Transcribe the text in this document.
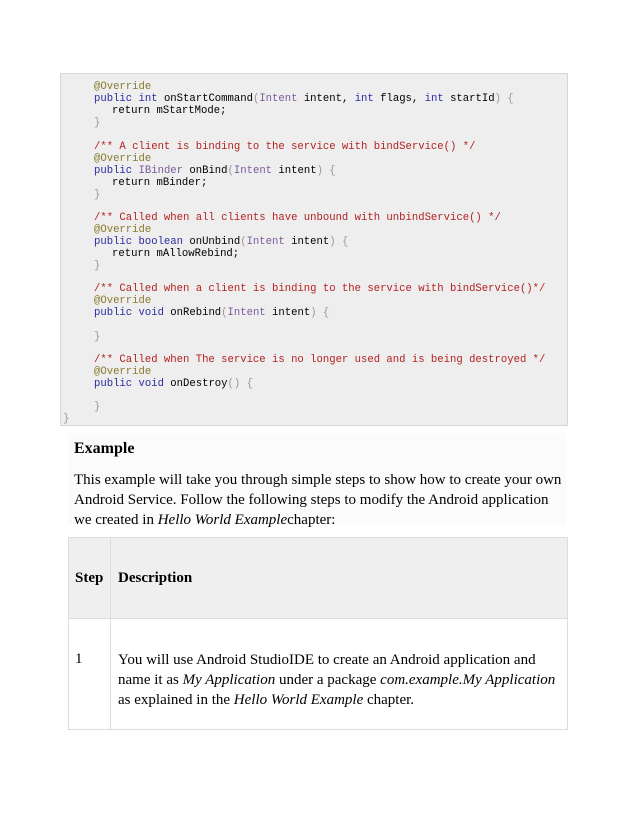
@Override
public int onStartCommand(Intent intent, int flags, int startId) {
return mStartMode;
}
/** A client is binding to the service with bindService() */
@Override
public IBinder onBind(Intent intent) {
return mBinder;
}
/** Called when all clients have unbound with unbindService() */
@Override
public boolean onUnbind(Intent intent) {
return mAllowRebind;
}
/** Called when a client is binding to the service with bindService()*/
@Override
public void onRebind(Intent intent) {
}
/** Called when The service is no longer used and is being destroyed */
@Override
public void onDestroy() {
}
}
Example

This example will take you through simple steps to show how to create your own Android Service. Follow the following steps to modify the Android application we created in Hello World Examplechapter:

Step Description
1 You will use Android StudioIDE to create an Android application and name it as My Application under a package com.example.My Application as explained in the Hello World Example chapter.
